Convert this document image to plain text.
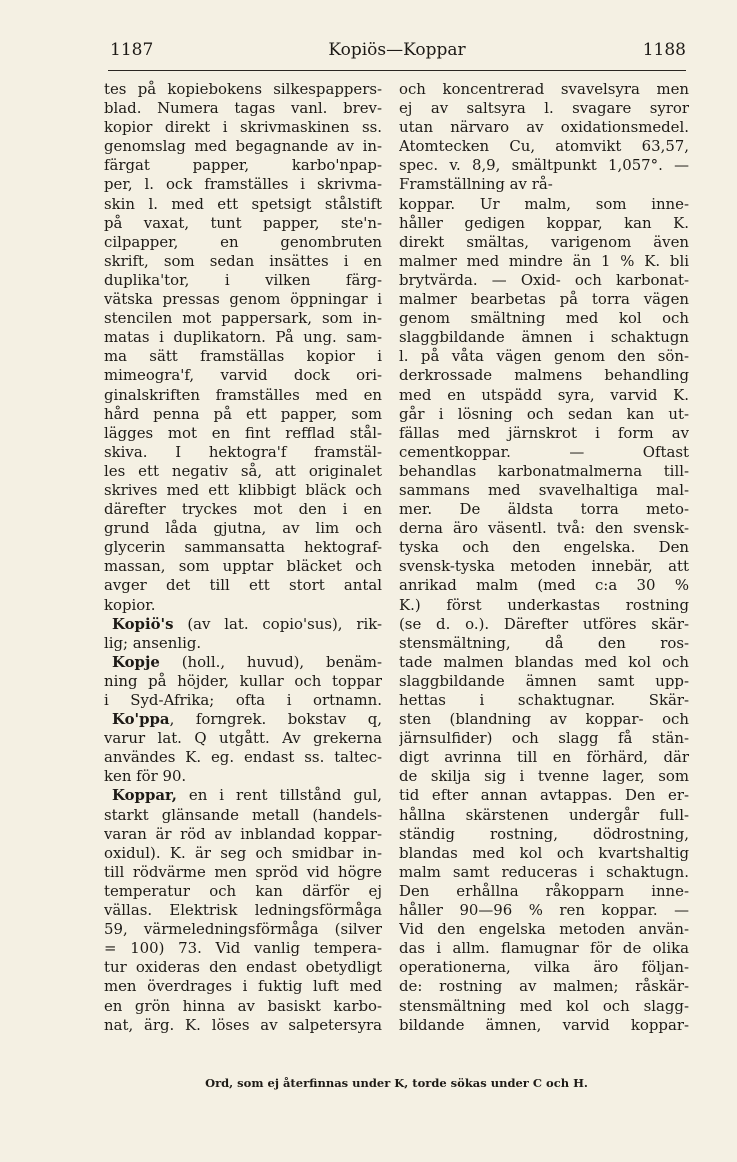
1187	Kopiös—Koppar	1188
tes på kopiebokens silkespappers-
blad. Numera tagas vanl. brev-
kopior direkt i skrivmaskinen ss.
genomslag med begagnande av in-
färgat papper, karbo'npap-
per, l. ock framställes i skrivma-
skin l. med ett spetsigt stålstift
på vaxat, tunt papper, ste'n-
cilpapper, en genombruten
skrift, som sedan insättes i en
duplika'tor, i vilken färg-
vätska pressas genom öppningar i
stencilen mot pappersark, som in-
matas i duplikatorn. På ung. sam-
ma sätt framställas kopior i
mimeogra'f, varvid dock ori-
ginalskriften framställes med en
hård penna på ett papper, som
lägges mot en fint refflad stål-
skiva. I hektogra'f framstäl-
les ett negativ så, att originalet
skrives med ett klibbigt bläck och
därefter tryckes mot den i en
grund låda gjutna, av lim och
glycerin sammansatta hektograf-
massan, som upptar bläcket och
avger det till ett stort antal
kopior.
Kopiö's (av lat. copio'sus), rik-
lig; ansenlig.
Kopje (holl., huvud), benäm-
ning på höjder, kullar och toppar
i Syd-Afrika; ofta i ortnamn.
Ko'ppa, forngrek. bokstav q,
varur lat. Q utgått. Av grekerna
användes K. eg. endast ss. taltec-
ken för 90.
Koppar, en i rent tillstånd gul,
starkt glänsande metall (handels-
varan är röd av inblandad koppar-
oxidul). K. är seg och smidbar in-
till rödvärme men spröd vid högre
temperatur och kan därför ej
vällas. Elektrisk ledningsförmåga
59, värmeledningsförmåga (silver
= 100) 73. Vid vanlig tempera-
tur oxideras den endast obetydligt
men överdrages i fuktig luft med
en grön hinna av basiskt karbo-
nat, ärg. K. löses av salpetersyra
och koncentrerad svavelsyra men
ej av saltsyra l. svagare syror
utan närvaro av oxidationsmedel.
Atomtecken Cu, atomvikt 63,57,
spec. v. 8,9, smältpunkt 1,057°. —
Framställning av rå-
koppar. Ur malm, som inne-
håller gedigen koppar, kan K.
direkt smältas, varigenom även
malmer med mindre än 1 % K. bli
brytvärda. — Oxid- och karbonat-
malmer bearbetas på torra vägen
genom smältning med kol och
slaggbildande ämnen i schaktugn
l. på våta vägen genom den sön-
derkrossade malmens behandling
med en utspädd syra, varvid K.
går i lösning och sedan kan ut-
fällas med järnskrot i form av
cementkoppar. — Oftast
behandlas karbonatmalmerna till-
sammans med svavelhaltiga mal-
mer. De äldsta torra meto-
derna äro väsentl. två: den svensk-
tyska och den engelska. Den
svensk-tyska metoden innebär, att
anrikad malm (med c:a 30 %
K.) först underkastas rostning
(se d. o.). Därefter utföres skär-
stensmältning, då den ros-
tade malmen blandas med kol och
slaggbildande ämnen samt upp-
hettas i schaktugnar. Skär-
sten (blandning av koppar- och
järnsulfider) och slagg få stän-
digt avrinna till en förhärd, där
de skilja sig i tvenne lager, som
tid efter annan avtappas. Den er-
hållna skärstenen undergår full-
ständig rostning, dödrostning,
blandas med kol och kvartshaltig
malm samt reduceras i schaktugn.
Den erhållna råkopparn inne-
håller 90—96 % ren koppar. —
Vid den engelska metoden använ-
das i allm. flamugnar för de olika
operationerna, vilka äro följan-
de: rostning av malmen; råskär-
stensmältning med kol och slagg-
bildande ämnen, varvid koppar-
Ord, som ej återfinnas under K, torde sökas under C och H.
